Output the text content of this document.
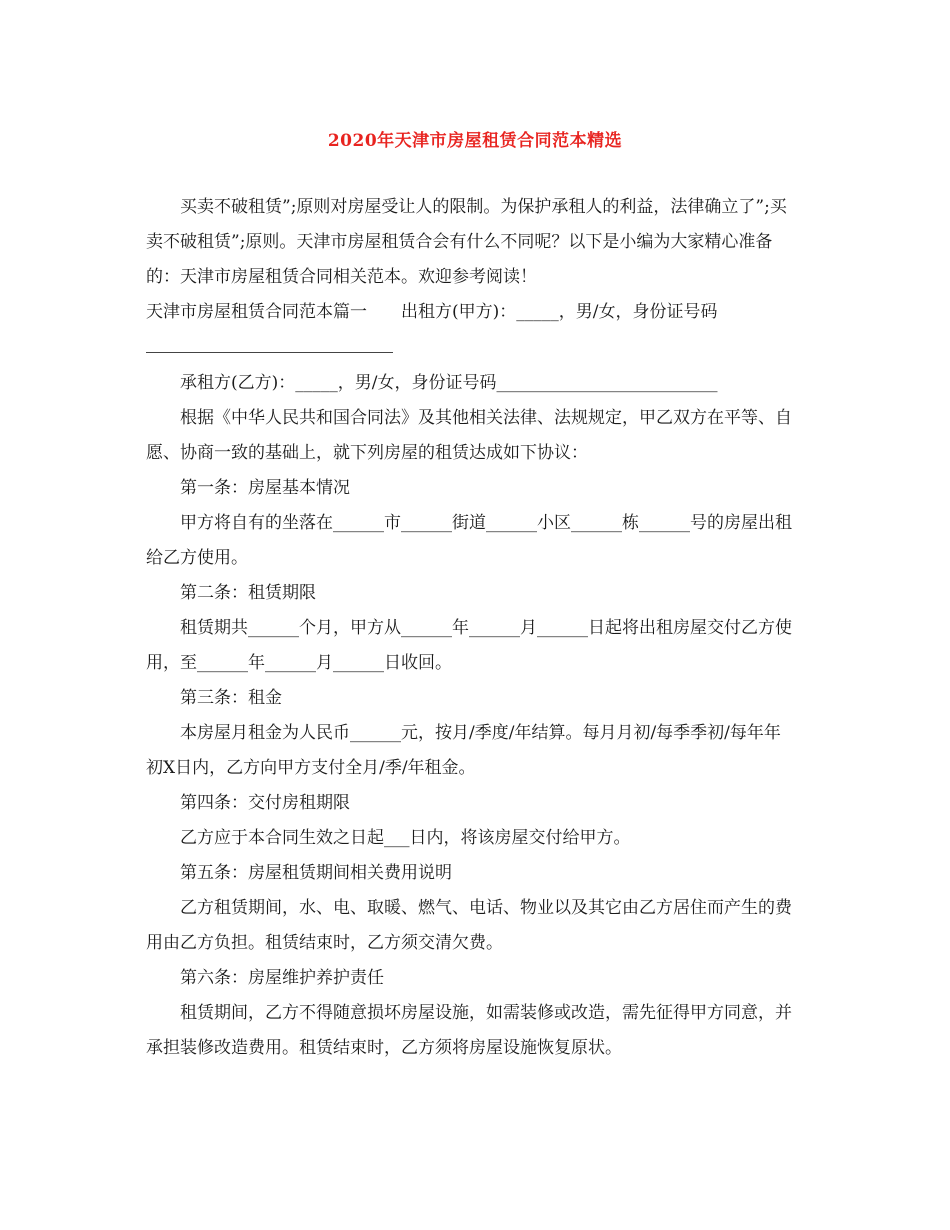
2020年天津市房屋租赁合同范本精选

买卖不破租赁”;原则对房屋受让人的限制。为保护承租人的利益，法律确立了”;买卖不破租赁”;原则。天津市房屋租赁合会有什么不同呢？以下是小编为大家精心准备的：天津市房屋租赁合同相关范本。欢迎参考阅读！

天津市房屋租赁合同范本篇一　　出租方(甲方)：_____，男/女，身份证号码

承租方(乙方)：_____，男/女，身份证号码__________________________

根据《中华人民共和国合同法》及其他相关法律、法规规定，甲乙双方在平等、自愿、协商一致的基础上，就下列房屋的租赁达成如下协议：

第一条：房屋基本情况

甲方将自有的坐落在______市______街道______小区______栋______号的房屋出租给乙方使用。

第二条：租赁期限

租赁期共______个月，甲方从______年______月______日起将出租房屋交付乙方使用，至______年______月______日收回。

第三条：租金

本房屋月租金为人民币______元，按月/季度/年结算。每月月初/每季季初/每年年初X日内，乙方向甲方支付全月/季/年租金。

第四条：交付房租期限

乙方应于本合同生效之日起___日内，将该房屋交付给甲方。

第五条：房屋租赁期间相关费用说明

乙方租赁期间，水、电、取暖、燃气、电话、物业以及其它由乙方居住而产生的费用由乙方负担。租赁结束时，乙方须交清欠费。

第六条：房屋维护养护责任

租赁期间，乙方不得随意损坏房屋设施，如需装修或改造，需先征得甲方同意，并承担装修改造费用。租赁结束时，乙方须将房屋设施恢复原状。
